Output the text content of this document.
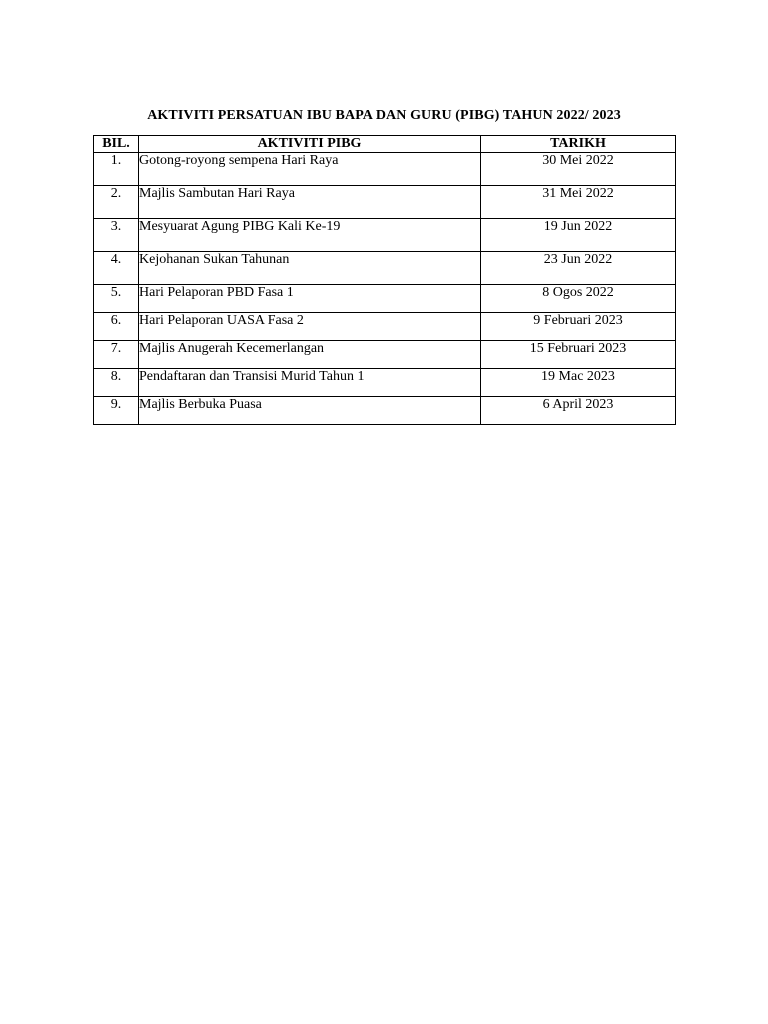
AKTIVITI PERSATUAN IBU BAPA DAN GURU (PIBG) TAHUN 2022/ 2023
BIL.	AKTIVITI PIBG	TARIKH
1.	Gotong-royong sempena Hari Raya	30 Mei 2022
2.	Majlis Sambutan Hari Raya	31 Mei 2022
3.	Mesyuarat Agung PIBG Kali Ke-19	19 Jun 2022
4.	Kejohanan Sukan Tahunan	23 Jun 2022
5.	Hari Pelaporan PBD Fasa 1	8 Ogos 2022
6.	Hari Pelaporan UASA Fasa 2	9 Februari 2023
7.	Majlis Anugerah Kecemerlangan	15 Februari 2023
8.	Pendaftaran dan Transisi Murid Tahun 1	19 Mac 2023
9.	Majlis Berbuka Puasa	6 April 2023
